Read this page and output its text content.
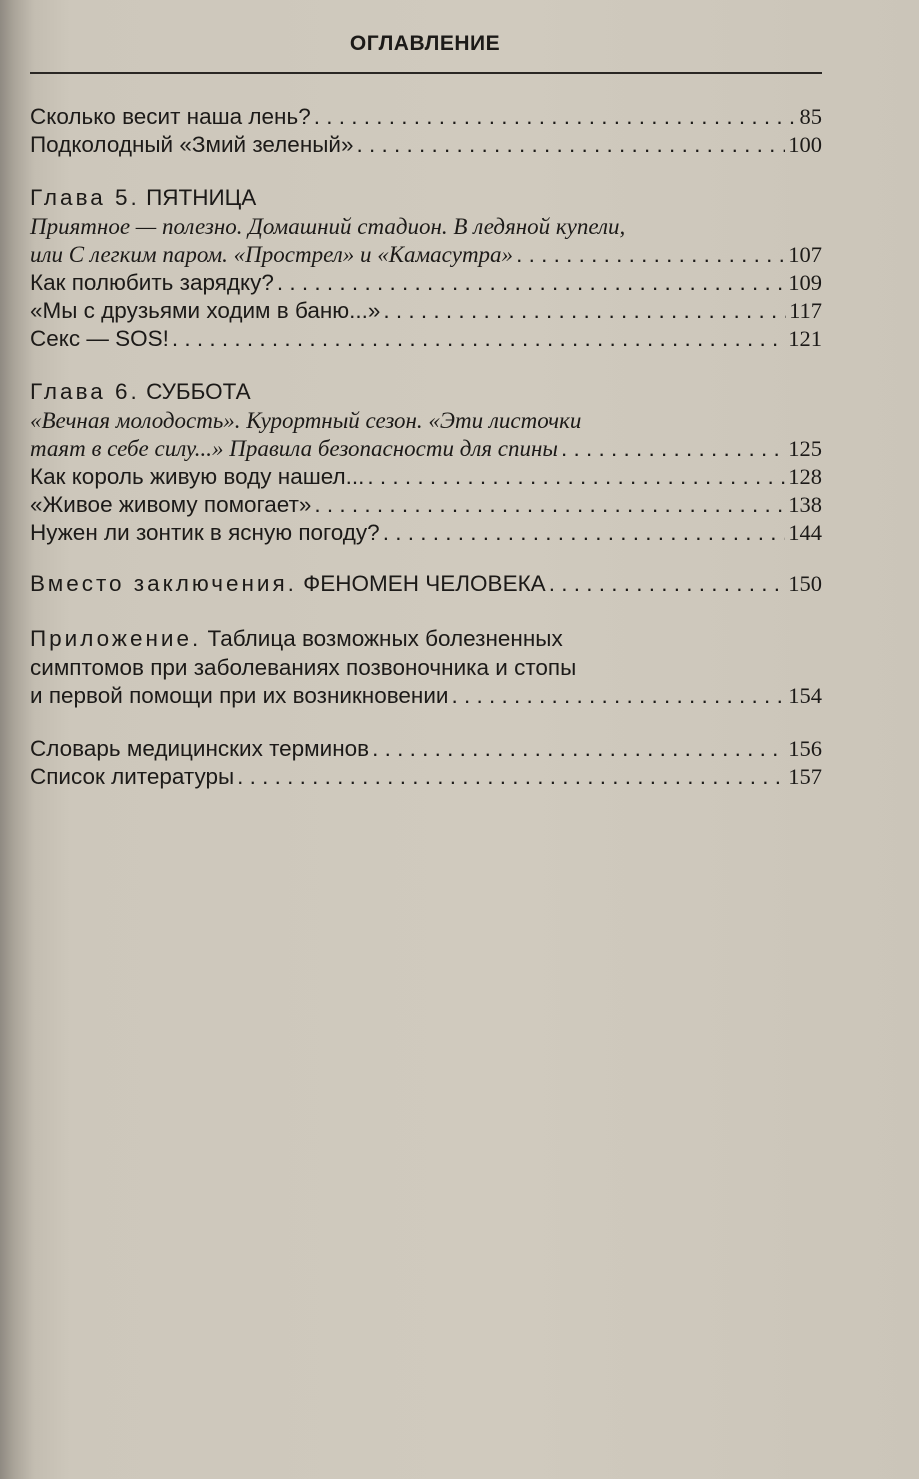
ОГЛАВЛЕНИЕ
Сколько весит наша лень? . . .	85
Подколодный «Змий зеленый» . . .	100
Глава 5. ПЯТНИЦА
Приятное — полезно. Домашний стадион. В ледяной купели,
или С легким паром. «Прострел» и «Камасутра» . . .	107
Как полюбить зарядку? . . .	109
«Мы с друзьями ходим в баню...» . . .	117
Секс — SOS! . . .	121
Глава 6. СУББОТА
«Вечная молодость». Курортный сезон. «Эти листочки
таят в себе силу...» Правила безопасности для спины . . .	125
Как король живую воду нашел... . . .	128
«Живое живому помогает» . . .	138
Нужен ли зонтик в ясную погоду? . . .	144
Вместо заключения. ФЕНОМЕН ЧЕЛОВЕКА . . .	150
Приложение. Таблица возможных болезненных
симптомов при заболеваниях позвоночника и стопы
и первой помощи при их возникновении . . .	154
Словарь медицинских терминов . . .	156
Список литературы . . .	157
